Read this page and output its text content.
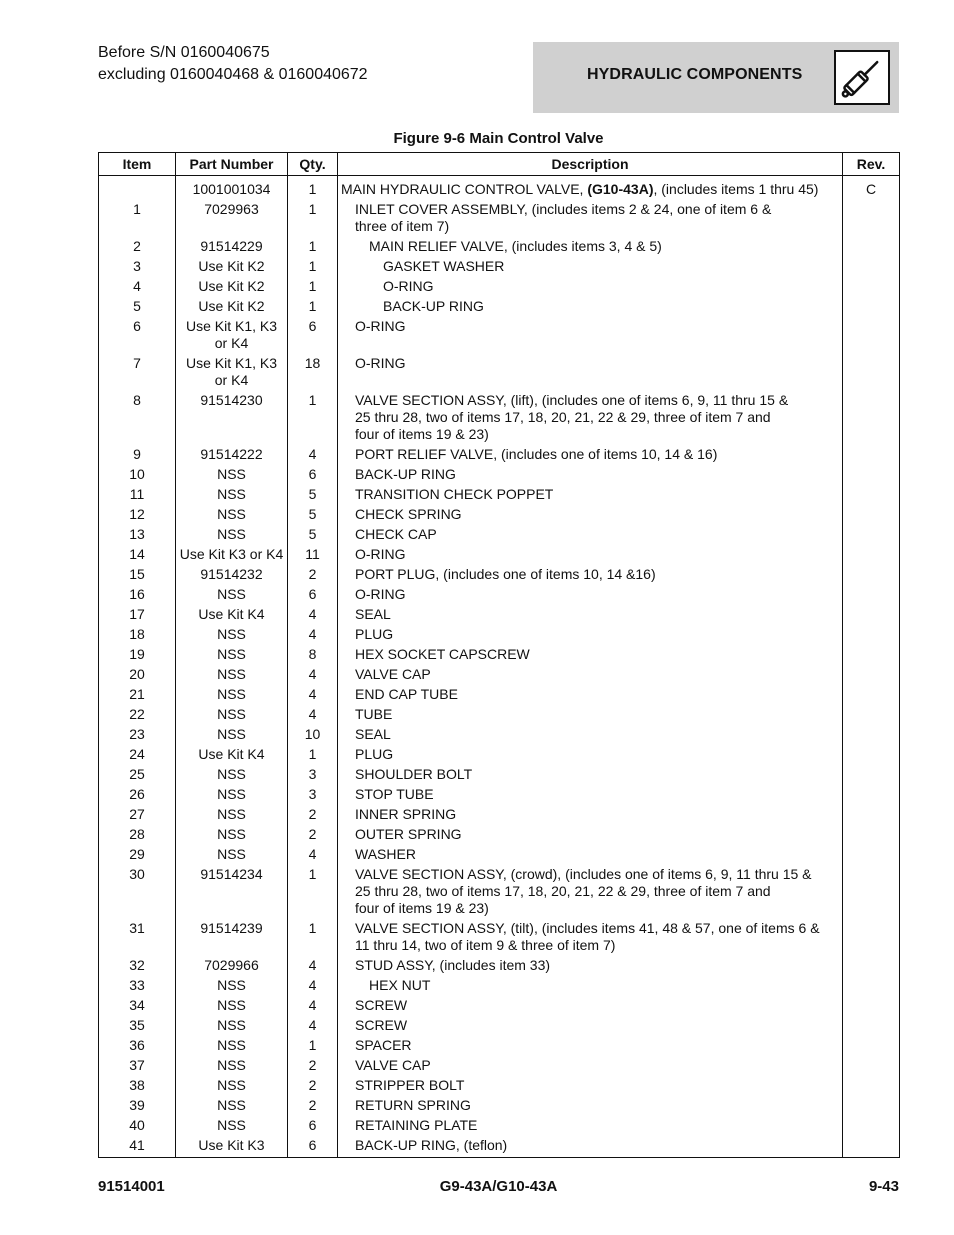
Before S/N 0160040675
excluding 0160040468 & 0160040672	HYDRAULIC COMPONENTS
Figure 9-6 Main Control Valve
Item	Part Number	Qty.	Description	Rev.
	1001001034	1	MAIN HYDRAULIC CONTROL VALVE, (G10-43A), (includes items 1 thru 45)	C
1	7029963	1	INLET COVER ASSEMBLY, (includes items 2 & 24, one of item 6 &
three of item 7)	

2	91514229	1	MAIN RELIEF VALVE, (includes items 3, 4 & 5)	

3	Use Kit K2	1	GASKET WASHER	

4	Use Kit K2	1	O-RING	

5	Use Kit K2	1	BACK-UP RING	

6	Use Kit K1, K3
or K4	6	O-RING	

7	Use Kit K1, K3
or K4	18	O-RING	

8	91514230	1	VALVE SECTION ASSY, (lift), (includes one of items 6, 9, 11 thru 15 &
25 thru 28, two of items 17, 18, 20, 21, 22 & 29, three of item 7 and
four of items 19 & 23)	

9	91514222	4	PORT RELIEF VALVE, (includes one of items 10, 14 & 16)	

10	NSS	6	BACK-UP RING	

11	NSS	5	TRANSITION CHECK POPPET	

12	NSS	5	CHECK SPRING	

13	NSS	5	CHECK CAP	

14	Use Kit K3 or K4	11	O-RING	

15	91514232	2	PORT PLUG, (includes one of items 10, 14 &16)	

16	NSS	6	O-RING	

17	Use Kit K4	4	SEAL	

18	NSS	4	PLUG	

19	NSS	8	HEX SOCKET CAPSCREW	

20	NSS	4	VALVE CAP	

21	NSS	4	END CAP TUBE	

22	NSS	4	TUBE	

23	NSS	10	SEAL	

24	Use Kit K4	1	PLUG	

25	NSS	3	SHOULDER BOLT	

26	NSS	3	STOP TUBE	

27	NSS	2	INNER SPRING	

28	NSS	2	OUTER SPRING	

29	NSS	4	WASHER	

30	91514234	1	VALVE SECTION ASSY, (crowd), (includes one of items 6, 9, 11 thru 15 &
25 thru 28, two of items 17, 18, 20, 21, 22 & 29, three of item 7 and
four of items 19 & 23)	

31	91514239	1	VALVE SECTION ASSY, (tilt), (includes items 41, 48 & 57, one of items 6 &
11 thru 14, two of item 9 & three of item 7)	

32	7029966	4	STUD ASSY, (includes item 33)	

33	NSS	4	HEX NUT	

34	NSS	4	SCREW	

35	NSS	4	SCREW	

36	NSS	1	SPACER	

37	NSS	2	VALVE CAP	

38	NSS	2	STRIPPER BOLT	

39	NSS	2	RETURN SPRING	

40	NSS	6	RETAINING PLATE	

41	Use Kit K3	6	BACK-UP RING, (teflon)	

91514001	G9-43A/G10-43A	9-43
